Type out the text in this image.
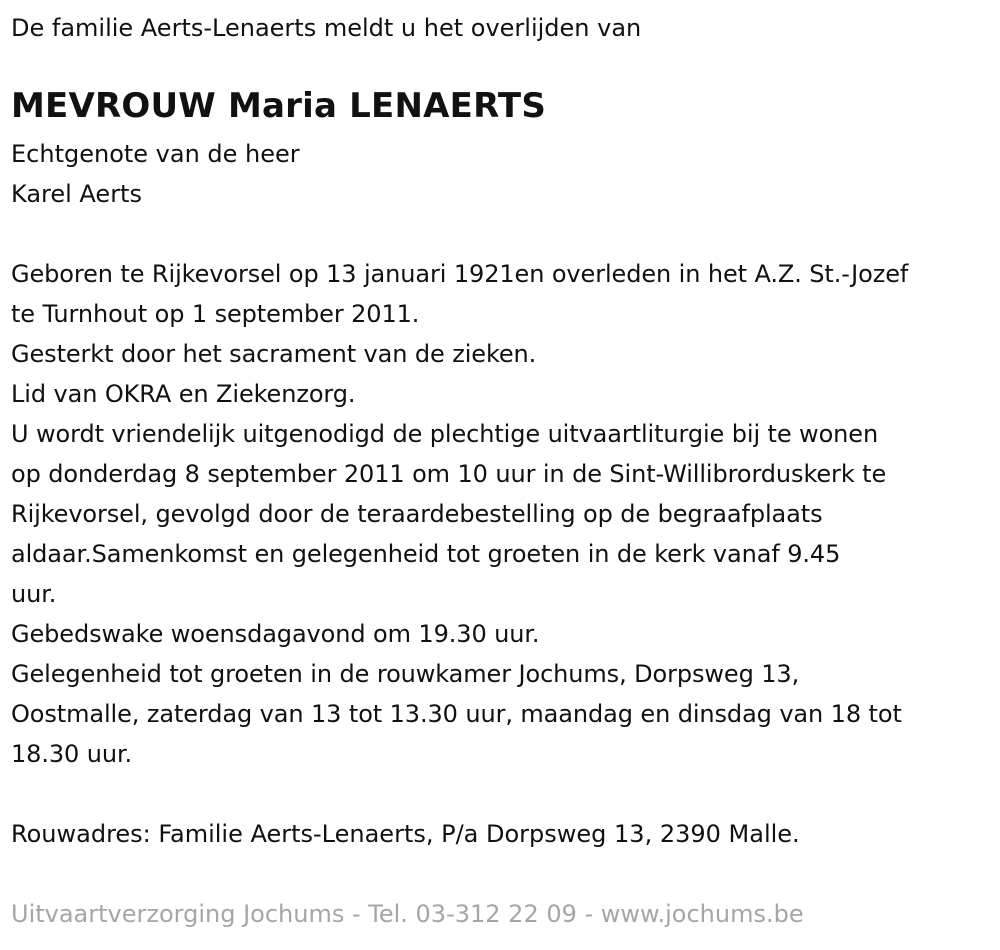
De familie Aerts-Lenaerts meldt u het overlijden van
MEVROUW Maria LENAERTS
Echtgenote van de heer
Karel Aerts
Geboren te Rijkevorsel op 13 januari 1921en overleden in het A.Z. St.-Jozef
te Turnhout op 1 september 2011.
Gesterkt door het sacrament van de zieken.
Lid van OKRA en Ziekenzorg.
U wordt vriendelijk uitgenodigd de plechtige uitvaartliturgie bij te wonen
op donderdag 8 september 2011 om 10 uur in de Sint-Willibrorduskerk te
Rijkevorsel, gevolgd door de teraardebestelling op de begraafplaats
aldaar.Samenkomst en gelegenheid tot groeten in de kerk vanaf 9.45
uur.
Gebedswake woensdagavond om 19.30 uur.
Gelegenheid tot groeten in de rouwkamer Jochums, Dorpsweg 13,
Oostmalle, zaterdag van 13 tot 13.30 uur, maandag en dinsdag van 18 tot
18.30 uur.
Rouwadres: Familie Aerts-Lenaerts, P/a Dorpsweg 13, 2390 Malle.
Uitvaartverzorging Jochums - Tel. 03-312 22 09 - www.jochums.be
